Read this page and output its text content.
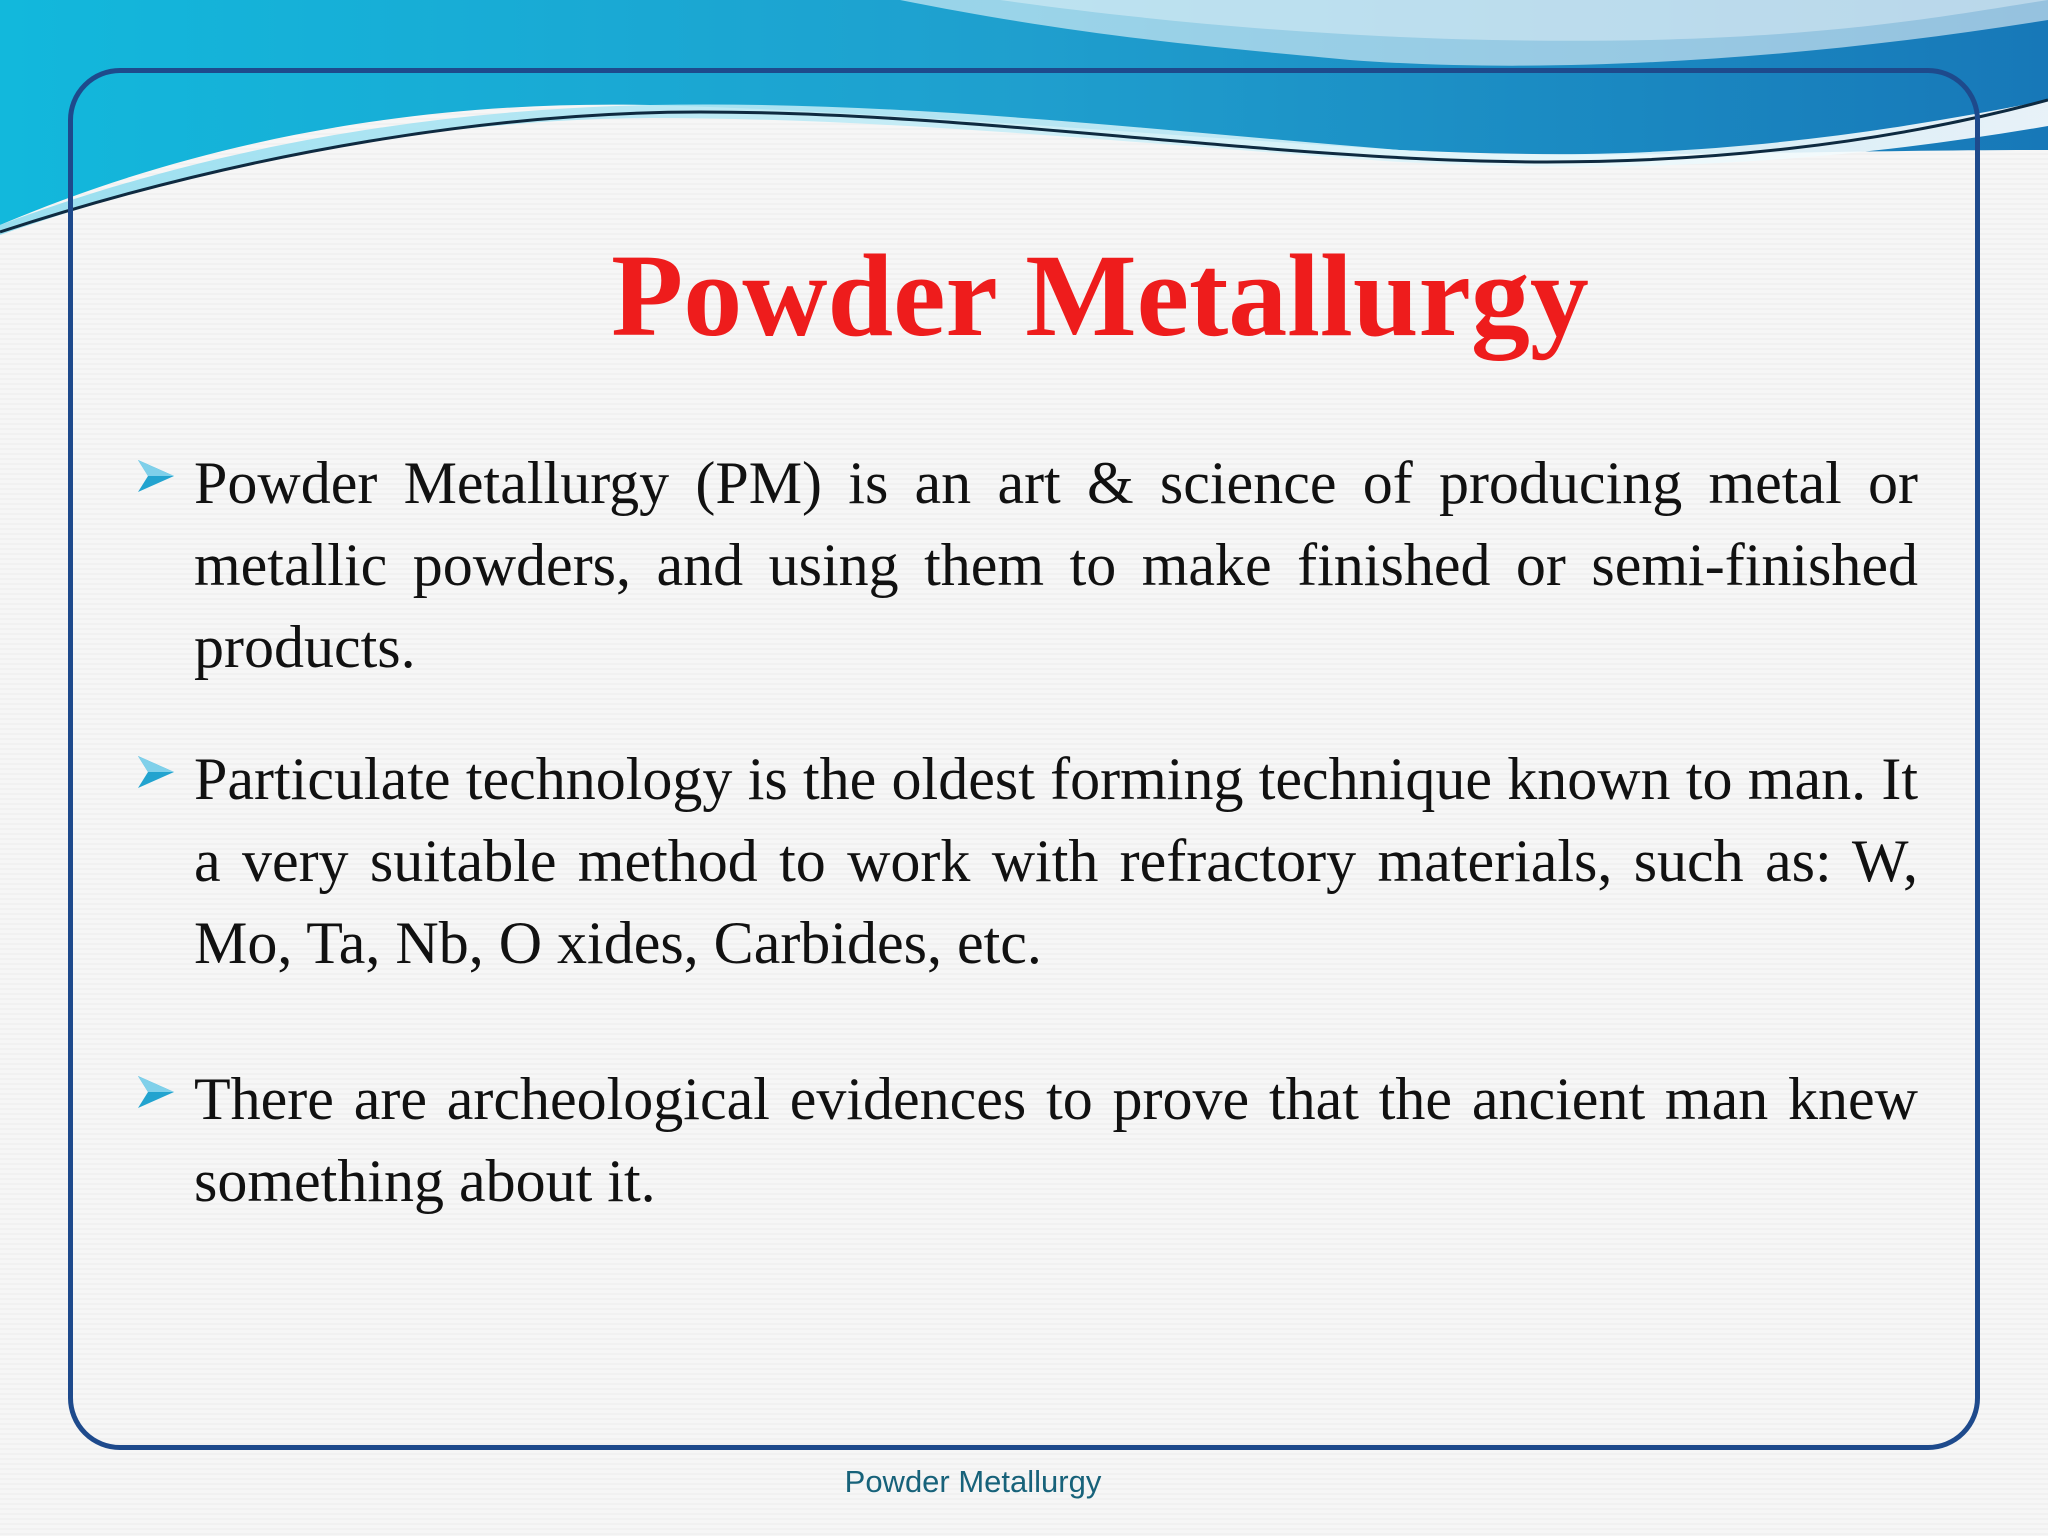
Powder Metallurgy
Powder Metallurgy (PM) is an art & science of producing metal or metallic powders, and using them to make finished or semi-finished products.
Particulate technology is the oldest forming technique known to man. It a very suitable method to work with refractory materials, such as: W, Mo, Ta, Nb, O xides, Carbides, etc.
There are archeological evidences to prove that the ancient man knew something about it.
Powder Metallurgy
